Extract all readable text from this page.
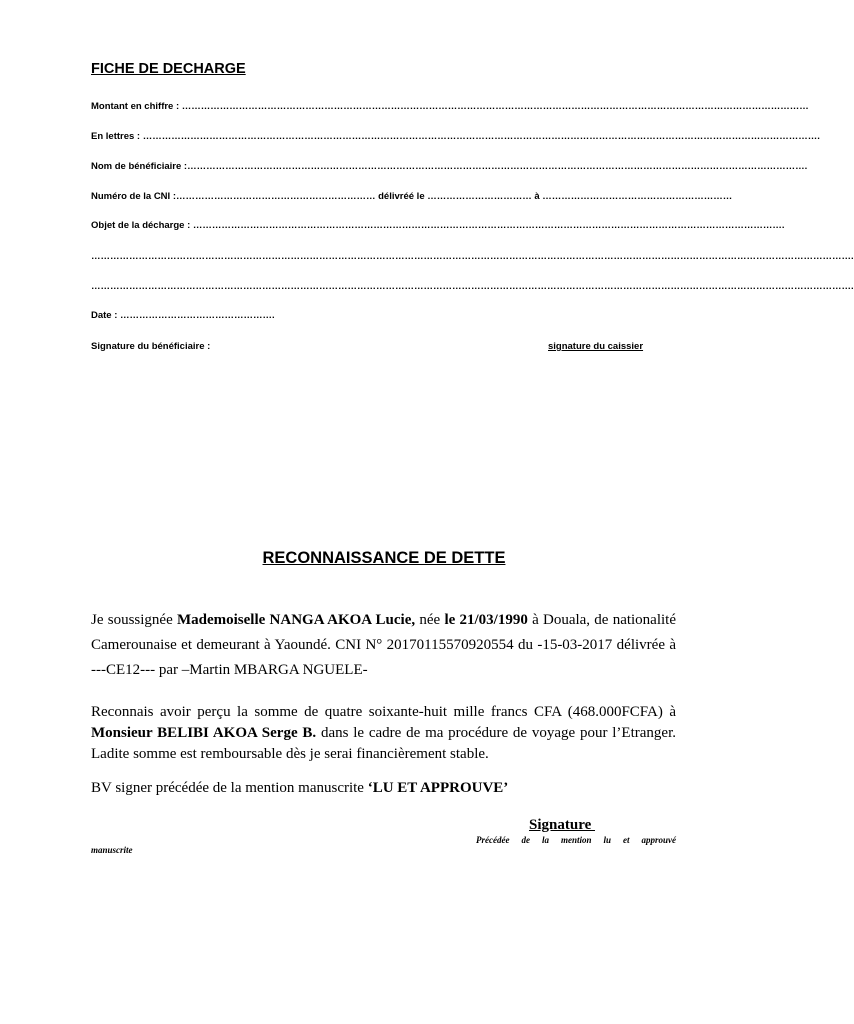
FICHE DE DECHARGE
Montant en chiffre : ………………………………………………………………………………………………………………………………………………………………………………
En lettres : …………………………………………………………………………………………………………………………………………………………………………………………….
Nom de bénéficiaire :…………………………………………………………………………………………………………………………………………………………………………….
Numéro de la CNI :……………………………………………………… délivréé le …………………………… à ……………………………………………………
Objet de la décharge : …………………………………………………………………………………………………………………………………………………………………….
…………………………………………………………………………………………………………………………………………………………………………………………………………………….
…………………………………………………………………………………………………………………………………………………………………………………………………………………….
Date : ………………………………………….
Signature du bénéficiaire :	signature du caissier
RECONNAISSANCE DE DETTE
Je soussignée Mademoiselle NANGA AKOA Lucie, née le 21/03/1990 à Douala, de nationalité Camerounaise et demeurant à Yaoundé. CNI N° 20170115570920554 du -15-03-2017 délivrée à ---CE12--- par –Martin MBARGA NGUELE-
Reconnais avoir perçu la somme de quatre soixante-huit mille francs CFA (468.000FCFA) à Monsieur BELIBI AKOA Serge B. dans le cadre de ma procédure de voyage pour l’Etranger. Ladite somme est remboursable dès je serai financièrement stable.
BV signer précédée de la mention manuscrite ‘LU ET APPROUVE’
Signature
Précédée de la mention lu et approuvé
manuscrite
